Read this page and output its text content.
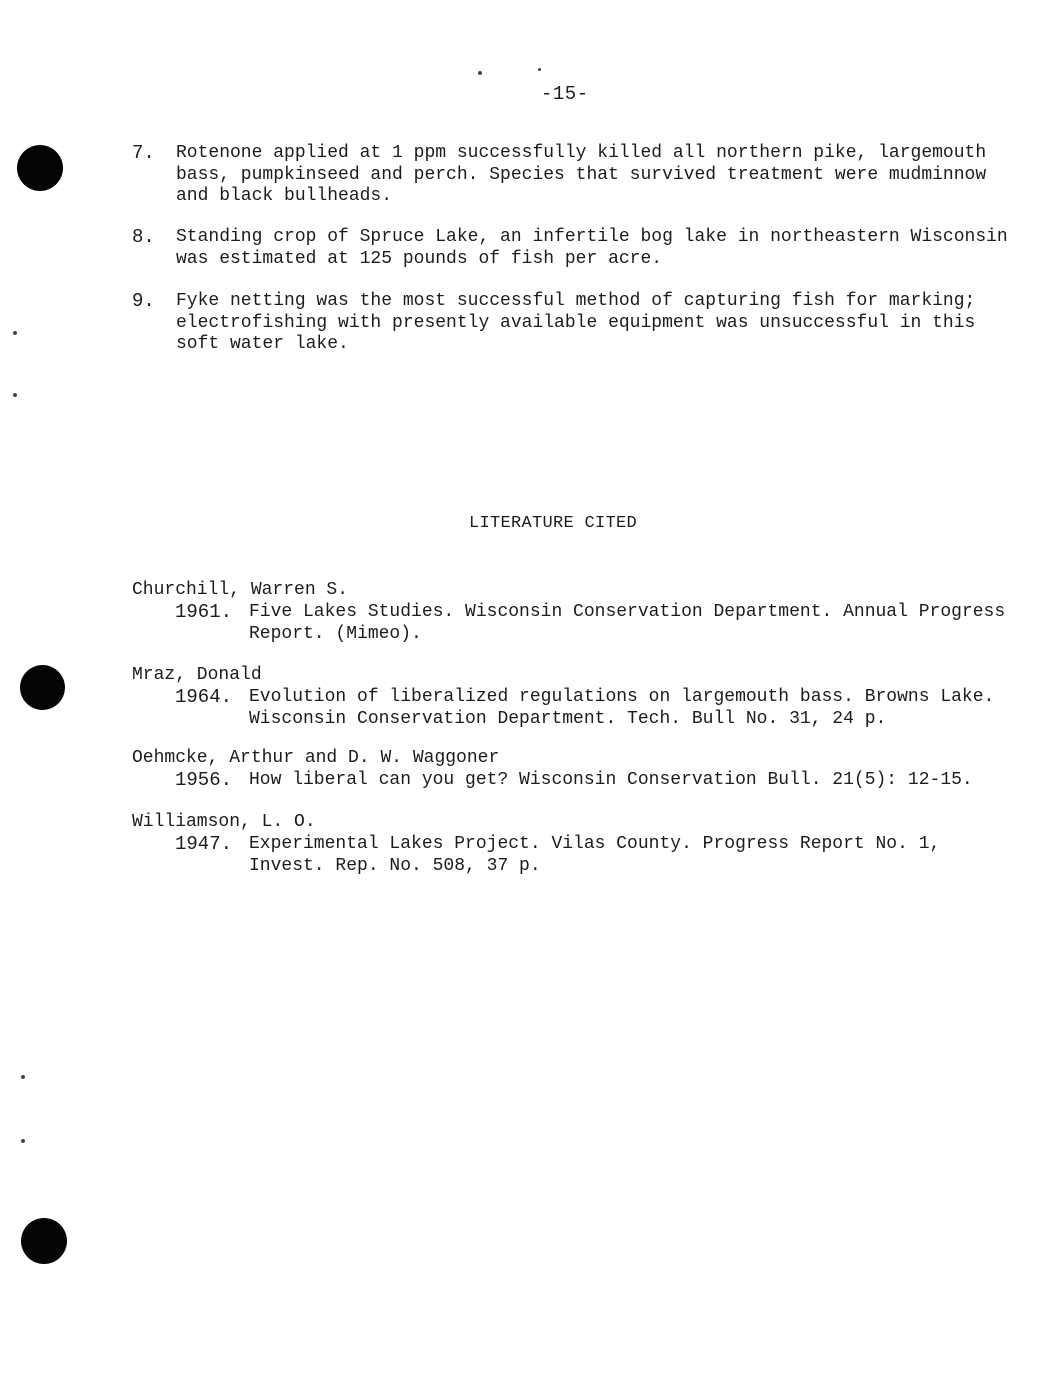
-15-
7. Rotenone applied at 1 ppm successfully killed all northern pike, largemouth
bass, pumpkinseed and perch. Species that survived treatment were mudminnow
and black bullheads.
8. Standing crop of Spruce Lake, an infertile bog lake in northeastern Wisconsin
was estimated at 125 pounds of fish per acre.
9. Fyke netting was the most successful method of capturing fish for marking;
electrofishing with presently available equipment was unsuccessful in this
soft water lake.
LITERATURE CITED
Churchill, Warren S.
1961. Five Lakes Studies. Wisconsin Conservation Department. Annual Progress
Report. (Mimeo).
Mraz, Donald
1964. Evolution of liberalized regulations on largemouth bass. Browns Lake.
Wisconsin Conservation Department. Tech. Bull No. 31, 24 p.
Oehmcke, Arthur and D. W. Waggoner
1956. How liberal can you get? Wisconsin Conservation Bull. 21(5): 12-15.
Williamson, L. O.
1947. Experimental Lakes Project. Vilas County. Progress Report No. 1,
Invest. Rep. No. 508, 37 p.
